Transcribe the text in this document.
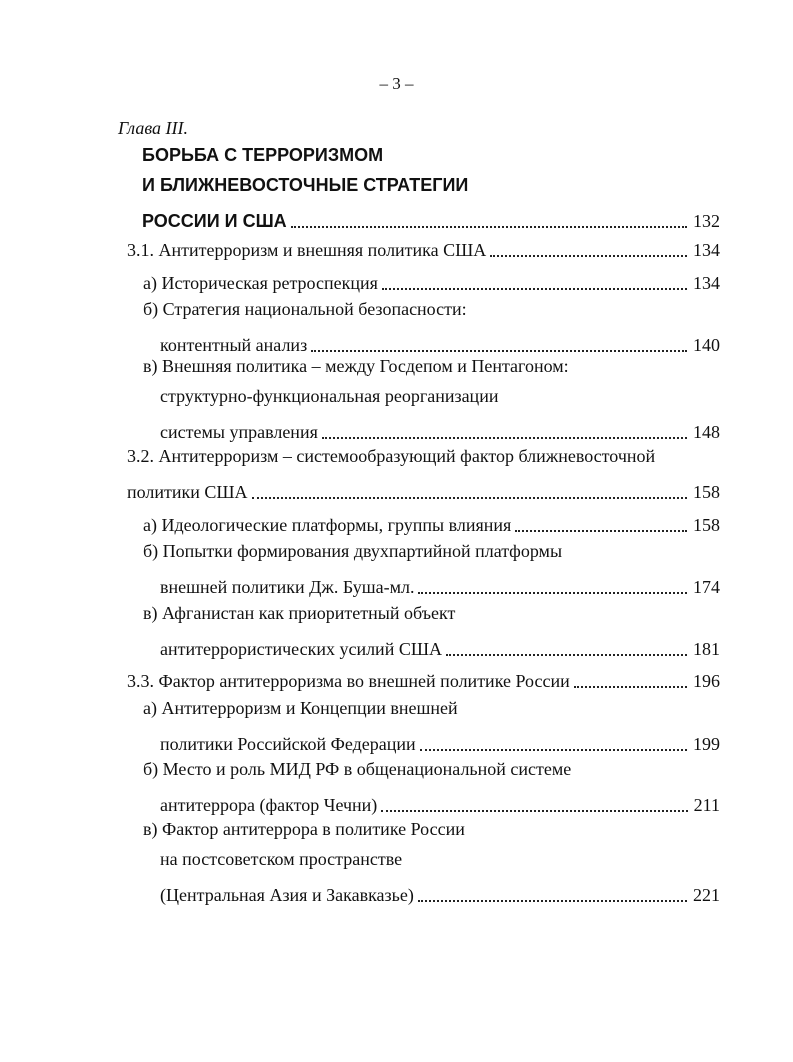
– 3 –
Глава III.
БОРЬБА С ТЕРРОРИЗМОМ
И БЛИЖНЕВОСТОЧНЫЕ СТРАТЕГИИ
РОССИИ И США	132
3.1. Антитерроризм и внешняя политика США	134
а) Историческая ретроспекция	134
б) Стратегия национальной безопасности:
контентный анализ	140
в) Внешняя политика – между Госдепом и Пентагоном:
структурно-функциональная реорганизации
системы управления	148
3.2. Антитерроризм – системообразующий фактор ближневосточной
политики США	158
а) Идеологические платформы, группы влияния	158
б) Попытки формирования двухпартийной платформы
внешней политики Дж. Буша-мл.	174
в) Афганистан как приоритетный объект
антитеррористических усилий США	181
3.3. Фактор антитерроризма во внешней политике России	196
а) Антитерроризм и Концепции внешней
политики Российской Федерации	199
б) Место и роль МИД РФ в общенациональной системе
антитеррора (фактор Чечни)	211
в) Фактор антитеррора в политике России
на постсоветском пространстве
(Центральная Азия и Закавказье)	221
